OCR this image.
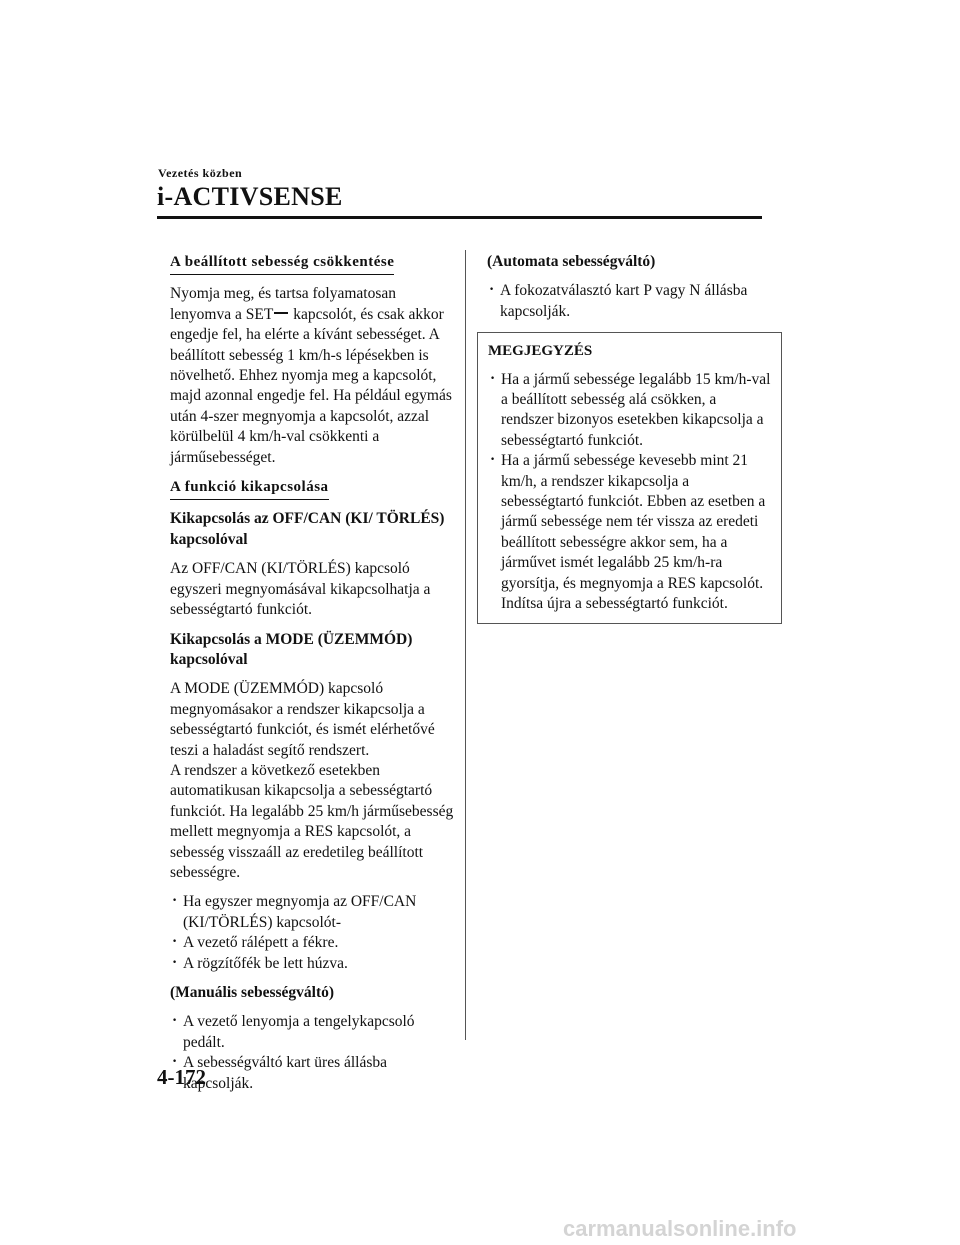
Vezetés közben
i-ACTIVSENSE
A beállított sebesség csökkentése
Nyomja meg, és tartsa folyamatosan lenyomva a SET kapcsolót, és csak akkor engedje fel, ha elérte a kívánt sebességet. A beállított sebesség 1 km/h-s lépésekben is növelhető. Ehhez nyomja meg a kapcsolót, majd azonnal engedje fel. Ha például egymás után 4-szer megnyomja a kapcsolót, azzal körülbelül 4 km/h-val csökkenti a járműsebességet.
A funkció kikapcsolása
Kikapcsolás az OFF/CAN (KI/ TÖRLÉS) kapcsolóval
Az OFF/CAN (KI/TÖRLÉS) kapcsoló egyszeri megnyomásával kikapcsolhatja a sebességtartó funkciót.
Kikapcsolás a MODE (ÜZEMMÓD) kapcsolóval
A MODE (ÜZEMMÓD) kapcsoló megnyomásakor a rendszer kikapcsolja a sebességtartó funkciót, és ismét elérhetővé teszi a haladást segítő rendszert.
A rendszer a következő esetekben automatikusan kikapcsolja a sebességtartó funkciót. Ha legalább 25 km/h járműsebesség mellett megnyomja a RES kapcsolót, a sebesség visszaáll az eredetileg beállított sebességre.
· Ha egyszer megnyomja az OFF/CAN (KI/TÖRLÉS) kapcsolót-
· A vezető rálépett a fékre.
· A rögzítőfék be lett húzva.
(Manuális sebességváltó)
· A vezető lenyomja a tengelykapcsoló pedált.
· A sebességváltó kart üres állásba kapcsolják.
(Automata sebességváltó)
· A fokozatválasztó kart P vagy N állásba kapcsolják.
MEGJEGYZÉS
· Ha a jármű sebessége legalább 15 km/h-val a beállított sebesség alá csökken, a rendszer bizonyos esetekben kikapcsolja a sebességtartó funkciót.
· Ha a jármű sebessége kevesebb mint 21 km/h, a rendszer kikapcsolja a sebességtartó funkciót. Ebben az esetben a jármű sebessége nem tér vissza az eredeti beállított sebességre akkor sem, ha a járművet ismét legalább 25 km/h-ra gyorsítja, és megnyomja a RES kapcsolót. Indítsa újra a sebességtartó funkciót.
4-172
carmanualsonline.info
